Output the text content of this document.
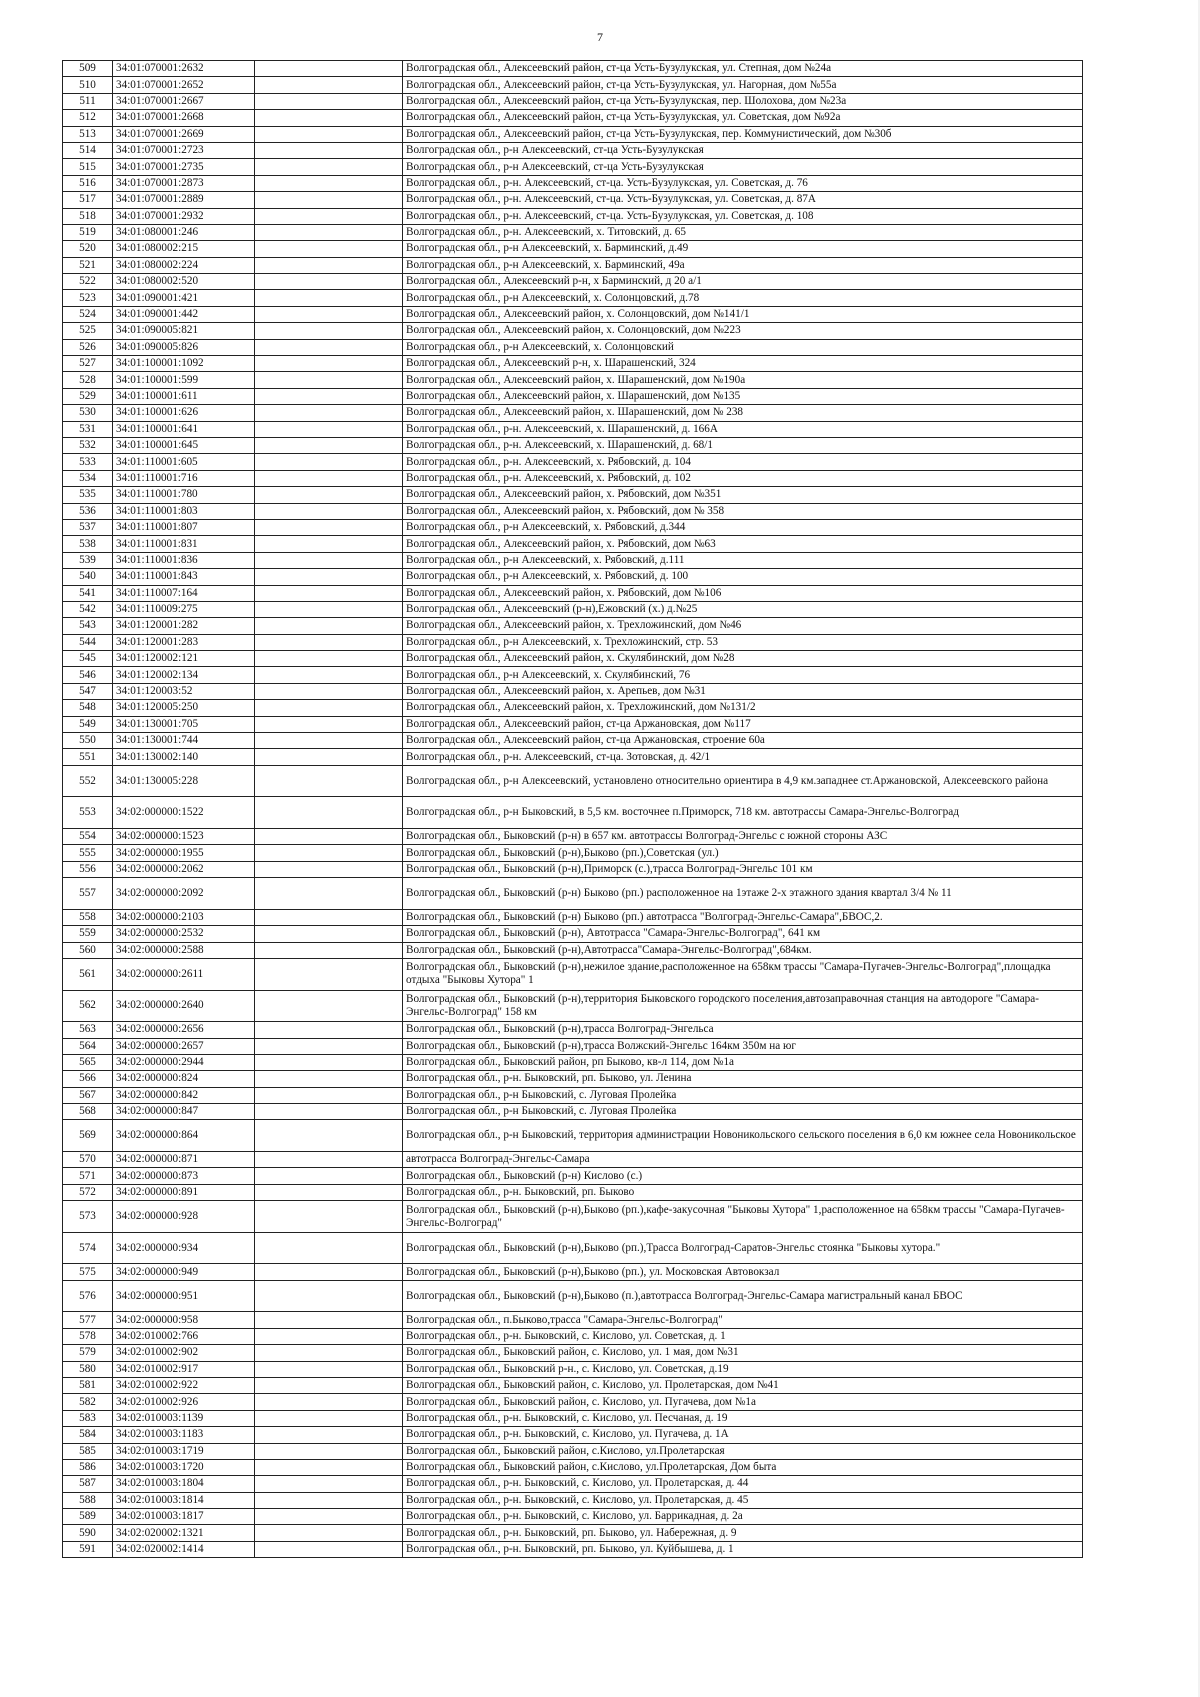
7
509	34:01:070001:2632		Волгоградская обл., Алексеевский район, ст-ца Усть-Бузулукская, ул. Степная, дом №24а
510	34:01:070001:2652		Волгоградская обл., Алексеевский район, ст-ца Усть-Бузулукская, ул. Нагорная, дом №55а
511	34:01:070001:2667		Волгоградская обл., Алексеевский район, ст-ца Усть-Бузулукская, пер. Шолохова, дом №23а
512	34:01:070001:2668		Волгоградская обл., Алексеевский район, ст-ца Усть-Бузулукская, ул. Советская, дом №92а
513	34:01:070001:2669		Волгоградская обл., Алексеевский район, ст-ца Усть-Бузулукская, пер. Коммунистический, дом №30б
514	34:01:070001:2723		Волгоградская обл., р-н Алексеевский, ст-ца Усть-Бузулукская
515	34:01:070001:2735		Волгоградская обл., р-н Алексеевский, ст-ца Усть-Бузулукская
516	34:01:070001:2873		Волгоградская обл., р-н. Алексеевский, ст-ца. Усть-Бузулукская, ул. Советская, д. 76
517	34:01:070001:2889		Волгоградская обл., р-н. Алексеевский, ст-ца. Усть-Бузулукская, ул. Советская, д. 87А
518	34:01:070001:2932		Волгоградская обл., р-н. Алексеевский, ст-ца. Усть-Бузулукская, ул. Советская, д. 108
519	34:01:080001:246		Волгоградская обл., р-н. Алексеевский, х. Титовский, д. 65
520	34:01:080002:215		Волгоградская обл., р-н Алексеевский, х. Барминский, д.49
521	34:01:080002:224		Волгоградская обл., р-н Алексеевский, х. Барминский, 49а
522	34:01:080002:520		Волгоградская обл., Алексеевский р-н, х Барминский, д 20 а/1
523	34:01:090001:421		Волгоградская обл., р-н Алексеевский, х. Солонцовский, д.78
524	34:01:090001:442		Волгоградская обл., Алексеевский район, х. Солонцовский, дом №141/1
525	34:01:090005:821		Волгоградская обл., Алексеевский район, х. Солонцовский, дом №223
526	34:01:090005:826		Волгоградская обл., р-н Алексеевский, х. Солонцовский
527	34:01:100001:1092		Волгоградская обл., Алексеевский р-н, х. Шарашенский, 324
528	34:01:100001:599		Волгоградская обл., Алексеевский район, х. Шарашенский, дом №190а
529	34:01:100001:611		Волгоградская обл., Алексеевский район, х. Шарашенский, дом №135
530	34:01:100001:626		Волгоградская обл., Алексеевский район, х. Шарашенский, дом № 238
531	34:01:100001:641		Волгоградская обл., р-н. Алексеевский, х. Шарашенский, д. 166А
532	34:01:100001:645		Волгоградская обл., р-н. Алексеевский, х. Шарашенский, д. 68/1
533	34:01:110001:605		Волгоградская обл., р-н. Алексеевский, х. Рябовский, д. 104
534	34:01:110001:716		Волгоградская обл., р-н. Алексеевский, х. Рябовский, д. 102
535	34:01:110001:780		Волгоградская обл., Алексеевский район, х. Рябовский, дом №351
536	34:01:110001:803		Волгоградская обл., Алексеевский район, х. Рябовский, дом № 358
537	34:01:110001:807		Волгоградская обл., р-н Алексеевский, х. Рябовский, д.344
538	34:01:110001:831		Волгоградская обл., Алексеевский район, х. Рябовский, дом №63
539	34:01:110001:836		Волгоградская обл., р-н Алексеевский, х. Рябовский, д.111
540	34:01:110001:843		Волгоградская обл., р-н Алексеевский, х. Рябовский, д. 100
541	34:01:110007:164		Волгоградская обл., Алексеевский район, х. Рябовский, дом №106
542	34:01:110009:275		Волгоградская обл., Алексеевский (р-н),Ежовский (х.) д.№25
543	34:01:120001:282		Волгоградская обл., Алексеевский район, х. Трехложинский, дом №46
544	34:01:120001:283		Волгоградская обл., р-н Алексеевский, х. Трехложинский, стр. 53
545	34:01:120002:121		Волгоградская обл., Алексеевский район, х. Скулябинский, дом №28
546	34:01:120002:134		Волгоградская обл., р-н Алексеевский, х. Скулябинский, 76
547	34:01:120003:52		Волгоградская обл., Алексеевский район, х. Арепьев, дом №31
548	34:01:120005:250		Волгоградская обл., Алексеевский район, х. Трехложинский, дом №131/2
549	34:01:130001:705		Волгоградская обл., Алексеевский район, ст-ца Аржановская, дом №117
550	34:01:130001:744		Волгоградская обл., Алексеевский район, ст-ца Аржановская, строение 60а
551	34:01:130002:140		Волгоградская обл., р-н. Алексеевский, ст-ца. Зотовская, д. 42/1
552	34:01:130005:228		Волгоградская обл., р-н Алексеевский, установлено относительно ориентира в 4,9 км.западнее ст.Аржановской, Алексеевского района
553	34:02:000000:1522		Волгоградская обл., р-н Быковский, в 5,5 км. восточнее п.Приморск, 718 км. автотрассы Самара-Энгельс-Волгоград
554	34:02:000000:1523		Волгоградская обл., Быковский (р-н) в 657 км. автотрассы Волгоград-Энгельс с южной стороны АЗС
555	34:02:000000:1955		Волгоградская обл., Быковский (р-н),Быково (рп.),Советская (ул.)
556	34:02:000000:2062		Волгоградская обл., Быковский (р-н),Приморск (с.),трасса Волгоград-Энгельс 101 км
557	34:02:000000:2092		Волгоградская обл., Быковский (р-н) Быково (рп.) расположенное на 1этаже 2-х этажного здания квартал 3/4 № 11
558	34:02:000000:2103		Волгоградская обл., Быковский (р-н) Быково (рп.) автотрасса "Волгоград-Энгельс-Самара",БВОС,2.
559	34:02:000000:2532		Волгоградская обл., Быковский (р-н), Автотрасса "Самара-Энгельс-Волгоград", 641 км
560	34:02:000000:2588		Волгоградская обл., Быковский (р-н),Автотрасса"Самара-Энгельс-Волгоград",684км.
561	34:02:000000:2611		Волгоградская обл., Быковский (р-н),нежилое здание,расположенное на 658км трассы "Самара-Пугачев-Энгельс-Волгоград",площадка отдыха "Быковы Хутора" 1
562	34:02:000000:2640		Волгоградская обл., Быковский (р-н),территория Быковского городского поселения,автозаправочная станция на автодороге "Самара-Энгельс-Волгоград" 158 км
563	34:02:000000:2656		Волгоградская обл., Быковский (р-н),трасса Волгоград-Энгельса
564	34:02:000000:2657		Волгоградская обл., Быковский (р-н),трасса Волжский-Энгельс 164км 350м на юг
565	34:02:000000:2944		Волгоградская обл., Быковский район, рп Быково, кв-л 114, дом №1а
566	34:02:000000:824		Волгоградская обл., р-н. Быковский, рп. Быково, ул. Ленина
567	34:02:000000:842		Волгоградская обл., р-н Быковский, с. Луговая Пролейка
568	34:02:000000:847		Волгоградская обл., р-н Быковский, с. Луговая Пролейка
569	34:02:000000:864		Волгоградская обл., р-н Быковский, территория администрации Новоникольского сельского поселения в 6,0 км южнее села Новоникольское
570	34:02:000000:871		автотрасса Волгоград-Энгельс-Самара
571	34:02:000000:873		Волгоградская обл., Быковский (р-н) Кислово (с.)
572	34:02:000000:891		Волгоградская обл., р-н. Быковский, рп. Быково
573	34:02:000000:928		Волгоградская обл., Быковский (р-н),Быково (рп.),кафе-закусочная "Быковы Хутора" 1,расположенное на 658км трассы "Самара-Пугачев-Энгельс-Волгоград"
574	34:02:000000:934		Волгоградская обл., Быковский (р-н),Быково (рп.),Трасса Волгоград-Саратов-Энгельс стоянка "Быковы хутора."
575	34:02:000000:949		Волгоградская обл., Быковский (р-н),Быково (рп.), ул. Московская Автовокзал
576	34:02:000000:951		Волгоградская обл., Быковский (р-н),Быково (п.),автотрасса Волгоград-Энгельс-Самара магистральный канал БВОС
577	34:02:000000:958		Волгоградская обл., п.Быково,трасса "Самара-Энгельс-Волгоград"
578	34:02:010002:766		Волгоградская обл., р-н. Быковский, с. Кислово, ул. Советская, д. 1
579	34:02:010002:902		Волгоградская обл., Быковский район, с. Кислово, ул. 1 мая, дом №31
580	34:02:010002:917		Волгоградская обл., Быковский р-н., с. Кислово, ул. Советская, д.19
581	34:02:010002:922		Волгоградская обл., Быковский район, с. Кислово, ул. Пролетарская, дом №41
582	34:02:010002:926		Волгоградская обл., Быковский район, с. Кислово, ул. Пугачева, дом №1а
583	34:02:010003:1139		Волгоградская обл., р-н. Быковский, с. Кислово, ул. Песчаная, д. 19
584	34:02:010003:1183		Волгоградская обл., р-н. Быковский, с. Кислово, ул. Пугачева, д. 1А
585	34:02:010003:1719		Волгоградская обл., Быковский район, с.Кислово, ул.Пролетарская
586	34:02:010003:1720		Волгоградская обл., Быковский район, с.Кислово, ул.Пролетарская, Дом быта
587	34:02:010003:1804		Волгоградская обл., р-н. Быковский, с. Кислово, ул. Пролетарская, д. 44
588	34:02:010003:1814		Волгоградская обл., р-н. Быковский, с. Кислово, ул. Пролетарская, д. 45
589	34:02:010003:1817		Волгоградская обл., р-н. Быковский, с. Кислово, ул. Баррикадная, д. 2а
590	34:02:020002:1321		Волгоградская обл., р-н. Быковский, рп. Быково, ул. Набережная, д. 9
591	34:02:020002:1414		Волгоградская обл., р-н. Быковский, рп. Быково, ул. Куйбышева, д. 1
